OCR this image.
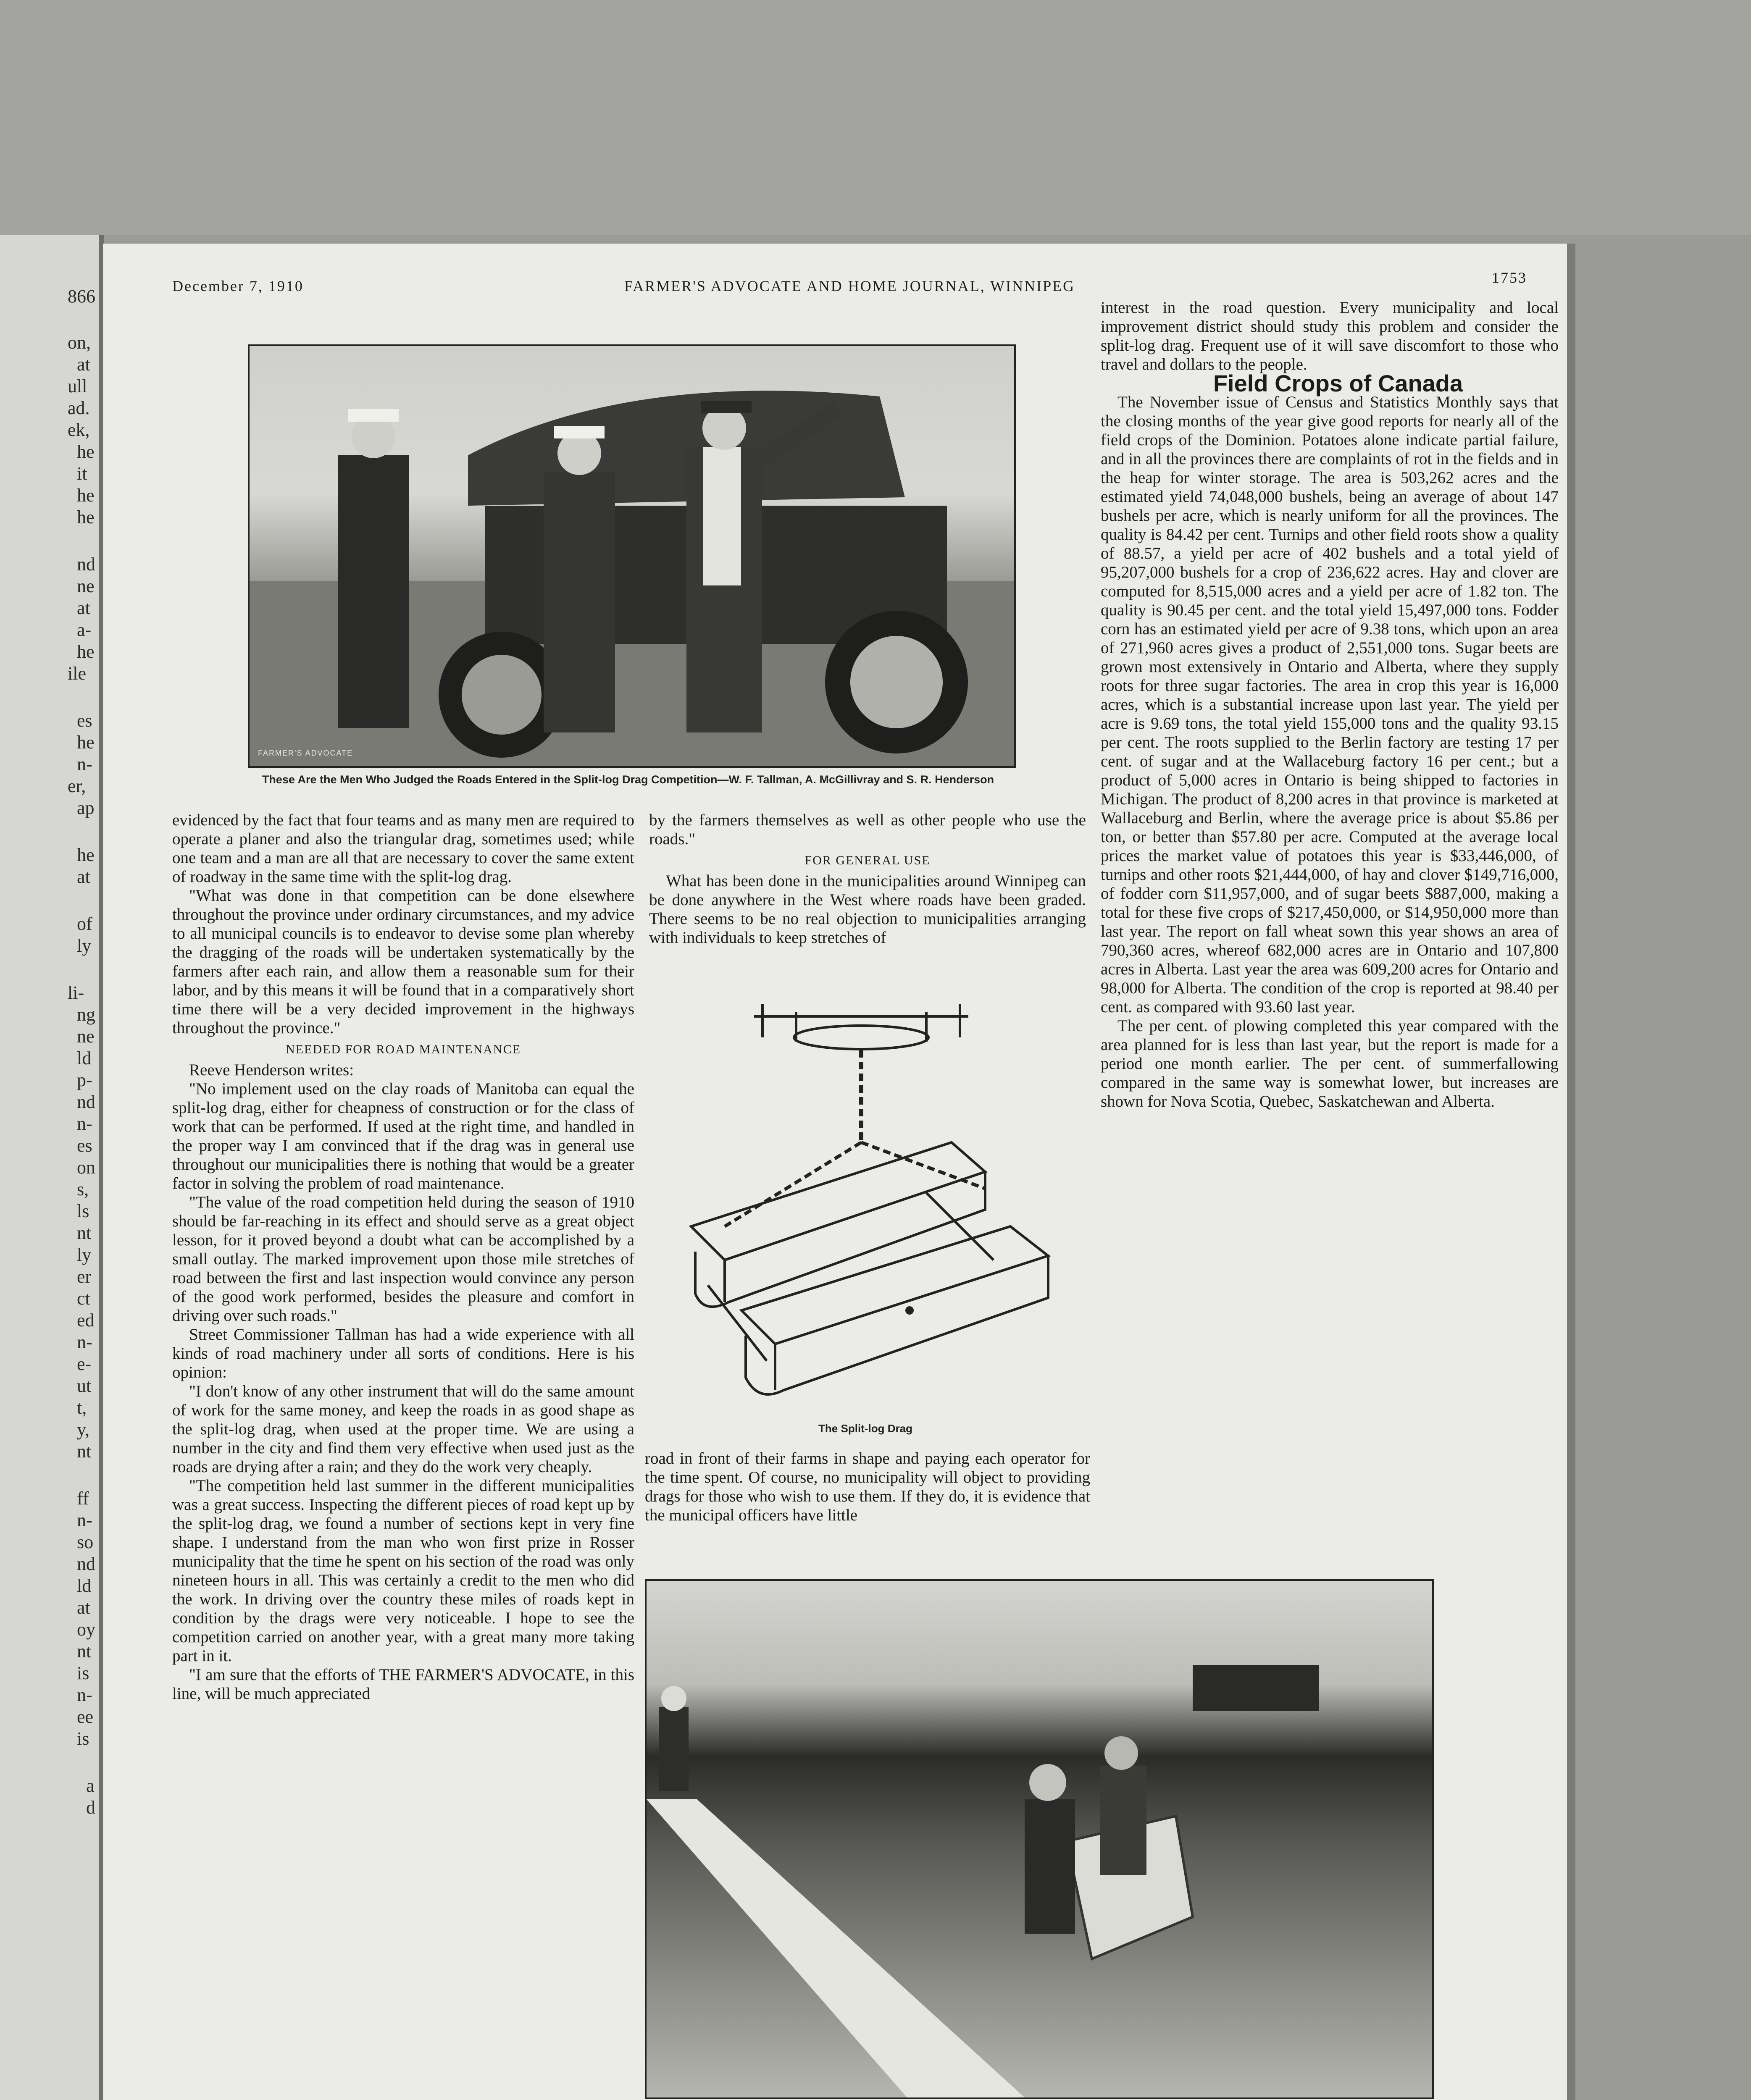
866
on,
at
ull
ad.
ek,
he
it
he
he
nd
ne
at
a-
he
ile
es
he
n-
er,
ap
he
at
of
ly
li-
ng
ne
ld
p-
nd
n-
es
on
s,
ls
nt
ly
er
ct
ed
n-
e-
ut
t,
y,
nt
ff
n-
so
nd
ld
at
oy
nt
is
n-
ee
is
a
d
December 7, 1910	FARMER'S ADVOCATE AND HOME JOURNAL, WINNIPEG	1753
FARMER'S ADVOCATE
These Are the Men Who Judged the Roads Entered in the Split-log Drag Competition—W. F. Tallman, A. McGillivray and S. R. Henderson

evidenced by the fact that four teams and as many men are required to operate a planer and also the triangular drag, sometimes used; while one team and a man are all that are necessary to cover the same extent of roadway in the same time with the split-log drag.

"What was done in that competition can be done elsewhere throughout the province under ordinary circumstances, and my advice to all municipal councils is to endeavor to devise some plan whereby the dragging of the roads will be undertaken systematically by the farmers after each rain, and allow them a reasonable sum for their labor, and by this means it will be found that in a comparatively short time there will be a very decided improvement in the highways throughout the province."

NEEDED FOR ROAD MAINTENANCE

Reeve Henderson writes:

"No implement used on the clay roads of Manitoba can equal the split-log drag, either for cheapness of construction or for the class of work that can be performed. If used at the right time, and handled in the proper way I am convinced that if the drag was in general use throughout our municipalities there is nothing that would be a greater factor in solving the problem of road maintenance.

"The value of the road competition held during the season of 1910 should be far-reaching in its effect and should serve as a great object lesson, for it proved beyond a doubt what can be accomplished by a small outlay. The marked improvement upon those mile stretches of road between the first and last inspection would convince any person of the good work performed, besides the pleasure and comfort in driving over such roads."

Street Commissioner Tallman has had a wide experience with all kinds of road machinery under all sorts of conditions. Here is his opinion:

"I don't know of any other instrument that will do the same amount of work for the same money, and keep the roads in as good shape as the split-log drag, when used at the proper time. We are using a number in the city and find them very effective when used just as the roads are drying after a rain; and they do the work very cheaply.

"The competition held last summer in the different municipalities was a great success. Inspecting the different pieces of road kept up by the split-log drag, we found a number of sections kept in very fine shape. I understand from the man who won first prize in Rosser municipality that the time he spent on his section of the road was only nineteen hours in all. This was certainly a credit to the men who did the work. In driving over the country these miles of roads kept in condition by the drags were very noticeable. I hope to see the competition carried on another year, with a great many more taking part in it.

"I am sure that the efforts of THE FARMER'S ADVOCATE, in this line, will be much appreciated

by the farmers themselves as well as other people who use the roads."

FOR GENERAL USE

What has been done in the municipalities around Winnipeg can be done anywhere in the West where roads have been graded. There seems to be no real objection to municipalities arranging with individuals to keep stretches of

The Split-log Drag

road in front of their farms in shape and paying each operator for the time spent. Of course, no municipality will object to providing drags for those who wish to use them. If they do, it is evidence that the municipal officers have little

interest in the road question. Every municipality and local improvement district should study this problem and consider the split-log drag. Frequent use of it will save discomfort to those who travel and dollars to the people.

Field Crops of Canada

The November issue of Census and Statistics Monthly says that the closing months of the year give good reports for nearly all of the field crops of the Dominion. Potatoes alone indicate partial failure, and in all the provinces there are complaints of rot in the fields and in the heap for winter storage. The area is 503,262 acres and the estimated yield 74,048,000 bushels, being an average of about 147 bushels per acre, which is nearly uniform for all the provinces. The quality is 84.42 per cent. Turnips and other field roots show a quality of 88.57, a yield per acre of 402 bushels and a total yield of 95,207,000 bushels for a crop of 236,622 acres. Hay and clover are computed for 8,515,000 acres and a yield per acre of 1.82 ton. The quality is 90.45 per cent. and the total yield 15,497,000 tons. Fodder corn has an estimated yield per acre of 9.38 tons, which upon an area of 271,960 acres gives a product of 2,551,000 tons. Sugar beets are grown most extensively in Ontario and Alberta, where they supply roots for three sugar factories. The area in crop this year is 16,000 acres, which is a substantial increase upon last year. The yield per acre is 9.69 tons, the total yield 155,000 tons and the quality 93.15 per cent. The roots supplied to the Berlin factory are testing 17 per cent. of sugar and at the Wallaceburg factory 16 per cent.; but a product of 5,000 acres in Ontario is being shipped to factories in Michigan. The product of 8,200 acres in that province is marketed at Wallaceburg and Berlin, where the average price is about $5.86 per ton, or better than $57.80 per acre. Computed at the average local prices the market value of potatoes this year is $33,446,000, of turnips and other roots $21,444,000, of hay and clover $149,716,000, of fodder corn $11,957,000, and of sugar beets $887,000, making a total for these five crops of $217,450,000, or $14,950,000 more than last year. The report on fall wheat sown this year shows an area of 790,360 acres, whereof 682,000 acres are in Ontario and 107,800 acres in Alberta. Last year the area was 609,200 acres for Ontario and 98,000 for Alberta. The condition of the crop is reported at 98.40 per cent. as compared with 93.60 last year.

The per cent. of plowing completed this year compared with the area planned for is less than last year, but the report is made for a period one month earlier. The per cent. of summerfallowing compared in the same way is somewhat lower, but increases are shown for Nova Scotia, Quebec, Saskatchewan and Alberta.
